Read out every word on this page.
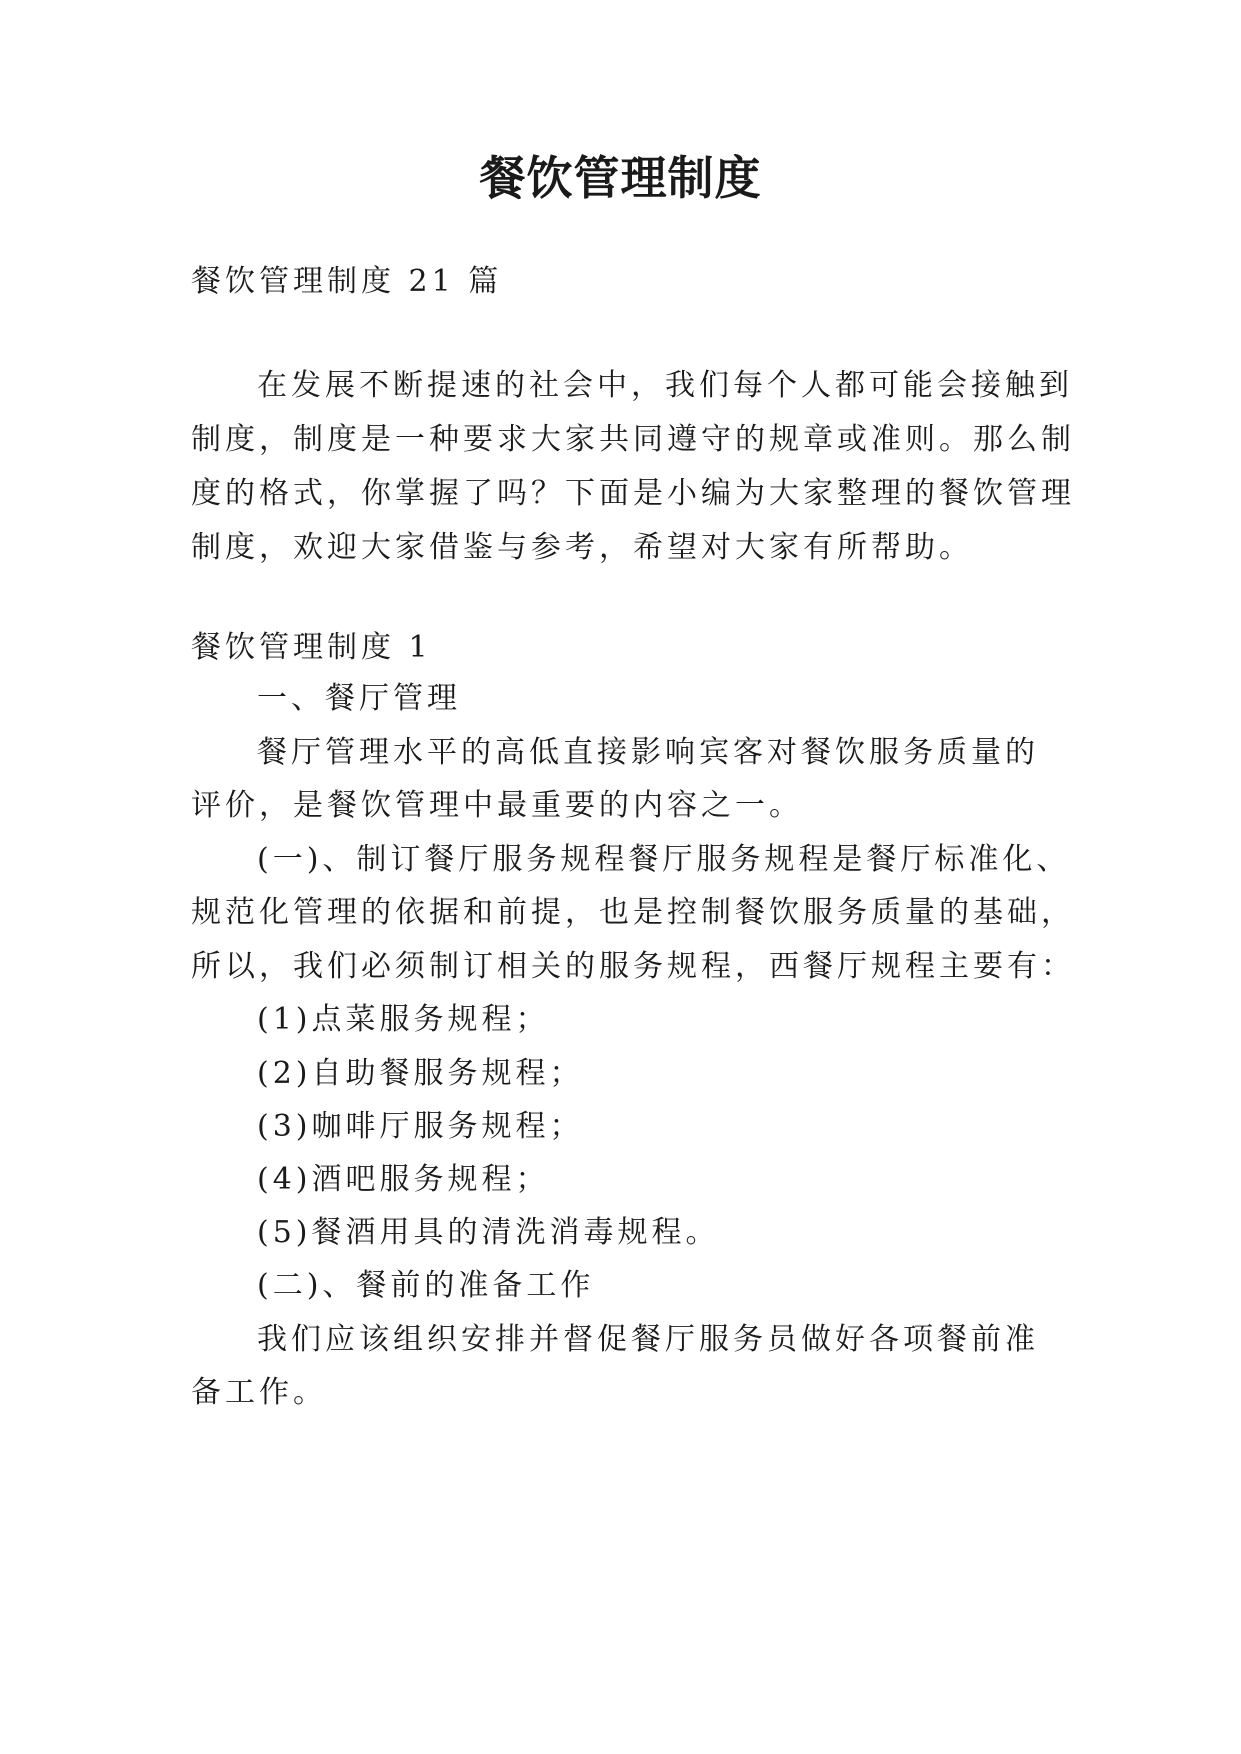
餐饮管理制度
餐饮管理制度 21 篇
在发展不断提速的社会中，我们每个人都可能会接触到
制度，制度是一种要求大家共同遵守的规章或准则。那么制
度的格式，你掌握了吗？下面是小编为大家整理的餐饮管理
制度，欢迎大家借鉴与参考，希望对大家有所帮助。
餐饮管理制度 1
一、餐厅管理
餐厅管理水平的高低直接影响宾客对餐饮服务质量的
评价，是餐饮管理中最重要的内容之一。
(一)、制订餐厅服务规程餐厅服务规程是餐厅标准化、
规范化管理的依据和前提，也是控制餐饮服务质量的基础，
所以，我们必须制订相关的服务规程，西餐厅规程主要有：
(1)点菜服务规程；
(2)自助餐服务规程；
(3)咖啡厅服务规程；
(4)酒吧服务规程；
(5)餐酒用具的清洗消毒规程。
(二)、餐前的准备工作
我们应该组织安排并督促餐厅服务员做好各项餐前准
备工作。
